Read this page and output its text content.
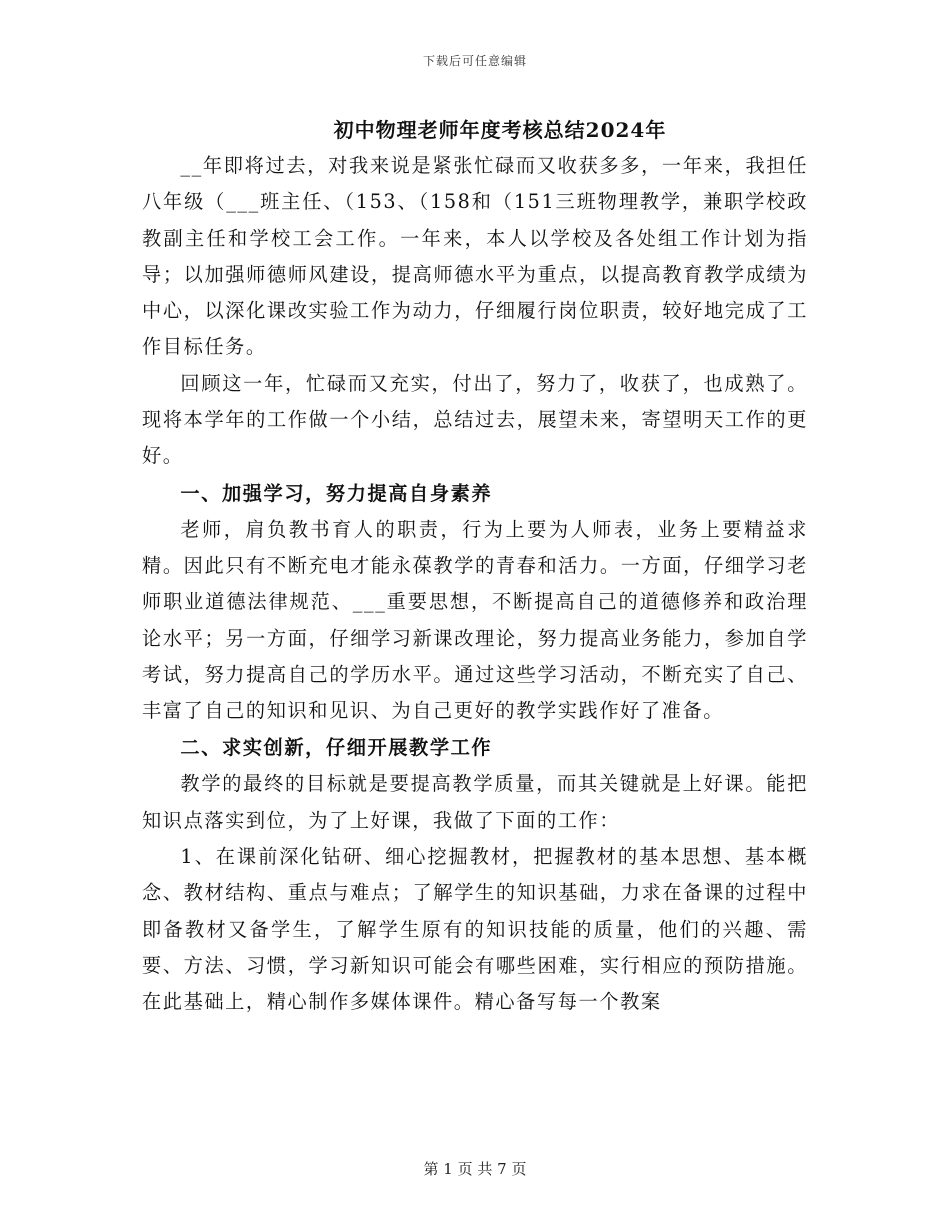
下载后可任意编辑
初中物理老师年度考核总结2024年

__年即将过去，对我来说是紧张忙碌而又收获多多，一年来，我担任八年级（___班主任、（153、（158和（151三班物理教学，兼职学校政教副主任和学校工会工作。一年来，本人以学校及各处组工作计划为指导；以加强师德师风建设，提高师德水平为重点，以提高教育教学成绩为中心，以深化课改实验工作为动力，仔细履行岗位职责，较好地完成了工作目标任务。

回顾这一年，忙碌而又充实，付出了，努力了，收获了，也成熟了。现将本学年的工作做一个小结，总结过去，展望未来，寄望明天工作的更好。

一、加强学习，努力提高自身素养

老师，肩负教书育人的职责，行为上要为人师表，业务上要精益求精。因此只有不断充电才能永葆教学的青春和活力。一方面，仔细学习老师职业道德法律规范、___重要思想，不断提高自己的道德修养和政治理论水平；另一方面，仔细学习新课改理论，努力提高业务能力，参加自学考试，努力提高自己的学历水平。通过这些学习活动，不断充实了自己、丰富了自己的知识和见识、为自己更好的教学实践作好了准备。

二、求实创新，仔细开展教学工作

教学的最终的目标就是要提高教学质量，而其关键就是上好课。能把知识点落实到位，为了上好课，我做了下面的工作：

1、在课前深化钻研、细心挖掘教材，把握教材的基本思想、基本概念、教材结构、重点与难点；了解学生的知识基础，力求在备课的过程中即备教材又备学生，了解学生原有的知识技能的质量，他们的兴趣、需要、方法、习惯，学习新知识可能会有哪些困难，实行相应的预防措施。在此基础上，精心制作多媒体课件。精心备写每一个教案

第 1 页 共 7 页
